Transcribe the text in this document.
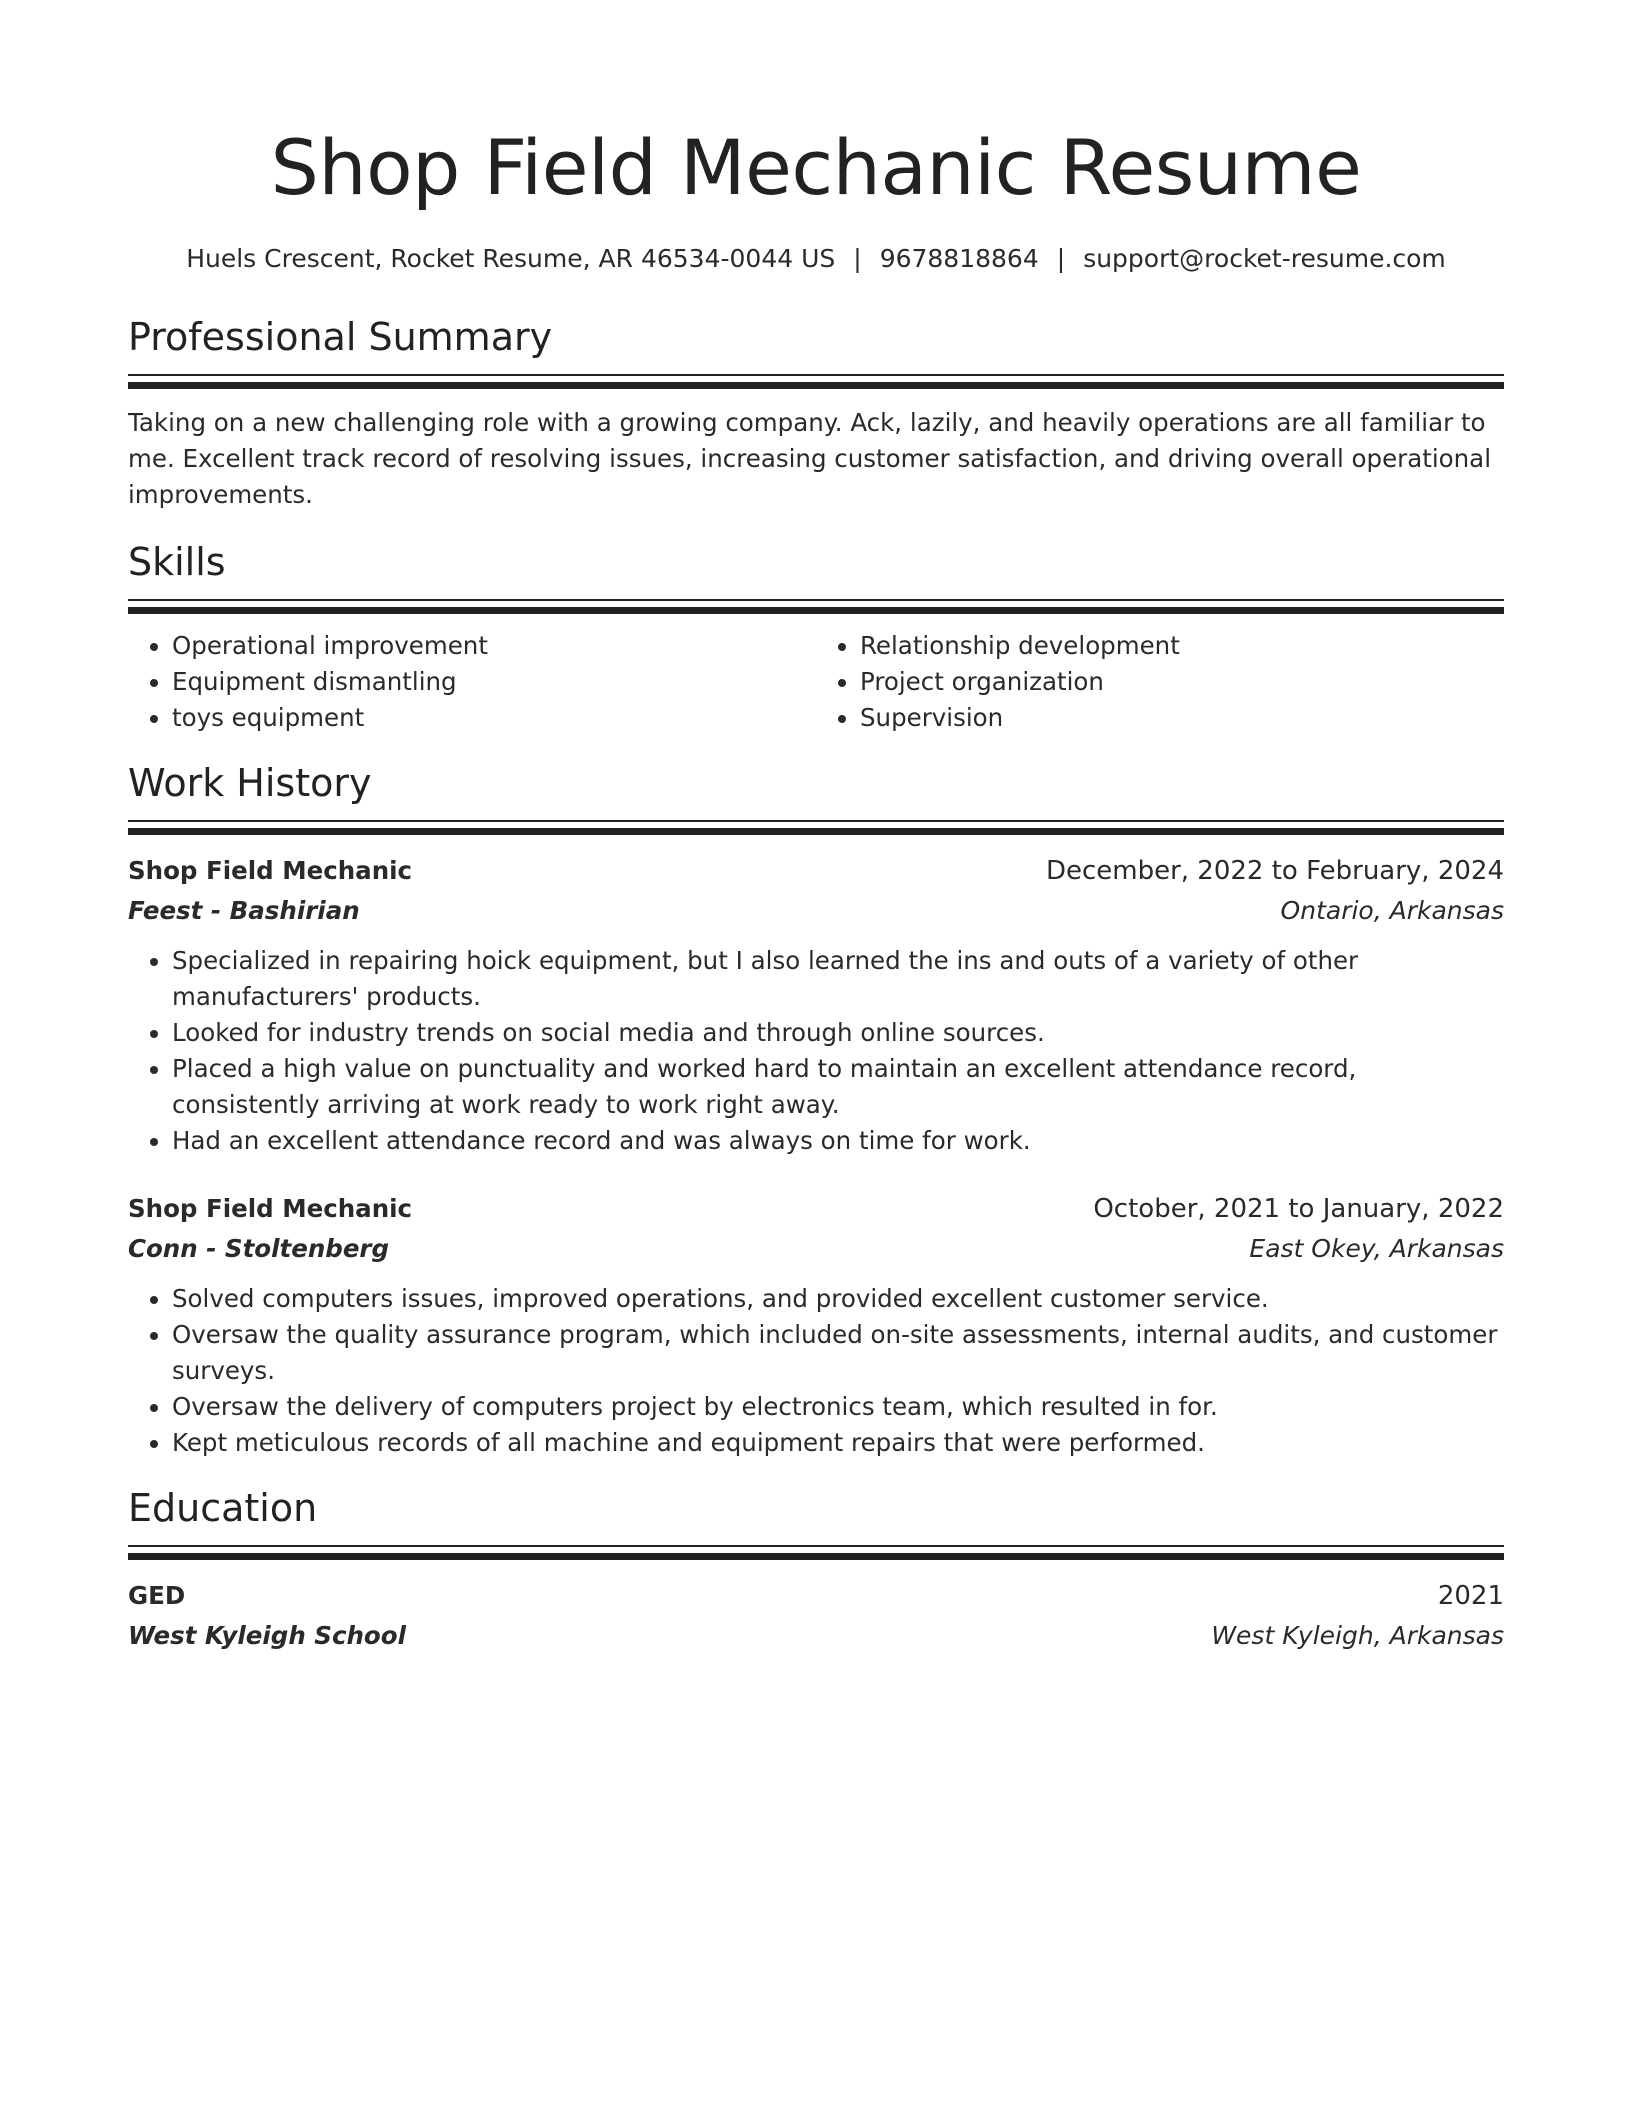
Shop Field Mechanic Resume
Huels Crescent, Rocket Resume, AR 46534-0044 US | 9678818864 | support@rocket-resume.com
Professional Summary

Taking on a new challenging role with a growing company. Ack, lazily, and heavily operations are all familiar to me. Excellent track record of resolving issues, increasing customer satisfaction, and driving overall operational improvements.

Skills
• Operational improvement
• Equipment dismantling
• toys equipment
• Relationship development
• Project organization
• Supervision
Work History
Shop Field Mechanic	December, 2022 to February, 2024
Feest - Bashirian	Ontario, Arkansas
• Specialized in repairing hoick equipment, but I also learned the ins and outs of a variety of other manufacturers' products.
• Looked for industry trends on social media and through online sources.
• Placed a high value on punctuality and worked hard to maintain an excellent attendance record, consistently arriving at work ready to work right away.
• Had an excellent attendance record and was always on time for work.
Shop Field Mechanic	October, 2021 to January, 2022
Conn - Stoltenberg	East Okey, Arkansas
• Solved computers issues, improved operations, and provided excellent customer service.
• Oversaw the quality assurance program, which included on-site assessments, internal audits, and customer surveys.
• Oversaw the delivery of computers project by electronics team, which resulted in for.
• Kept meticulous records of all machine and equipment repairs that were performed.
Education
GED	2021
West Kyleigh School	West Kyleigh, Arkansas
